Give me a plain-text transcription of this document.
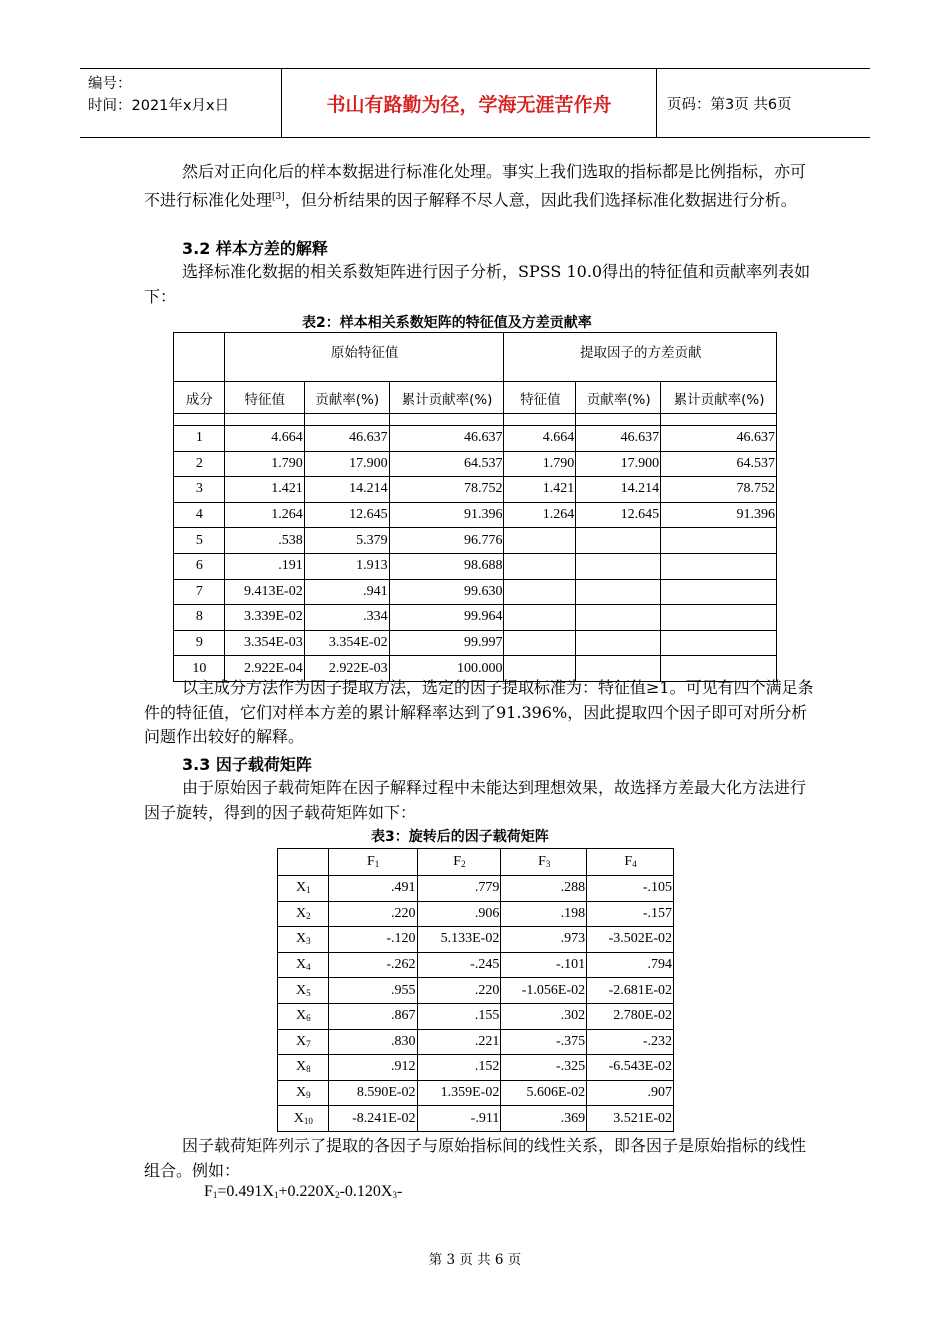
编号：
时间：2021年x月x日	书山有路勤为径，学海无涯苦作舟	页码：第3页 共6页
然后对正向化后的样本数据进行标准化处理。事实上我们选取的指标都是比例指标，亦可不进行标准化处理[3]，但分析结果的因子解释不尽人意，因此我们选择标准化数据进行分析。
3.2 样本方差的解释
选择标准化数据的相关系数矩阵进行因子分析，SPSS 10.0得出的特征值和贡献率列表如下：
表2：样本相关系数矩阵的特征值及方差贡献率
	原始特征值			提取因子的方差贡献		
成分	特征值	贡献率(%)	累计贡献率(%)	特征值	贡献率(%)	累计贡献率(%)

1	4.664	46.637	46.637	4.664	46.637	46.637
2	1.790	17.900	64.537	1.790	17.900	64.537
3	1.421	14.214	78.752	1.421	14.214	78.752
4	1.264	12.645	91.396	1.264	12.645	91.396
5	.538	5.379	96.776			
6	.191	1.913	98.688			
7	9.413E-02	.941	99.630			
8	3.339E-02	.334	99.964			
9	3.354E-03	3.354E-02	99.997			
10	2.922E-04	2.922E-03	100.000			
以主成分方法作为因子提取方法，选定的因子提取标准为：特征值≥1。可见有四个满足条件的特征值，它们对样本方差的累计解释率达到了91.396%，因此提取四个因子即可对所分析问题作出较好的解释。
3.3 因子载荷矩阵
由于原始因子载荷矩阵在因子解释过程中未能达到理想效果，故选择方差最大化方法进行因子旋转，得到的因子载荷矩阵如下：
表3：旋转后的因子载荷矩阵
	$F_1$	$F_2$	$F_3$	$F_4$
$X_1$	.491	.779	.288	-.105
$X_2$	.220	.906	.198	-.157
$X_3$	-.120	5.133E-02	.973	-3.502E-02
$X_4$	-.262	-.245	-.101	.794
$X_5$	.955	.220	-1.056E-02	-2.681E-02
$X_6$	.867	.155	.302	2.780E-02
$X_7$	.830	.221	-.375	-.232
$X_8$	.912	.152	-.325	-6.543E-02
$X_9$	8.590E-02	1.359E-02	5.606E-02	.907
$X_{10}$	-8.241E-02	-.911	.369	3.521E-02
因子载荷矩阵列示了提取的各因子与原始指标间的线性关系，即各因子是原始指标的线性组合。例如：
$F_1=0.491X_1+0.220X_2-0.120X_3-$
第 3 页 共 6 页
